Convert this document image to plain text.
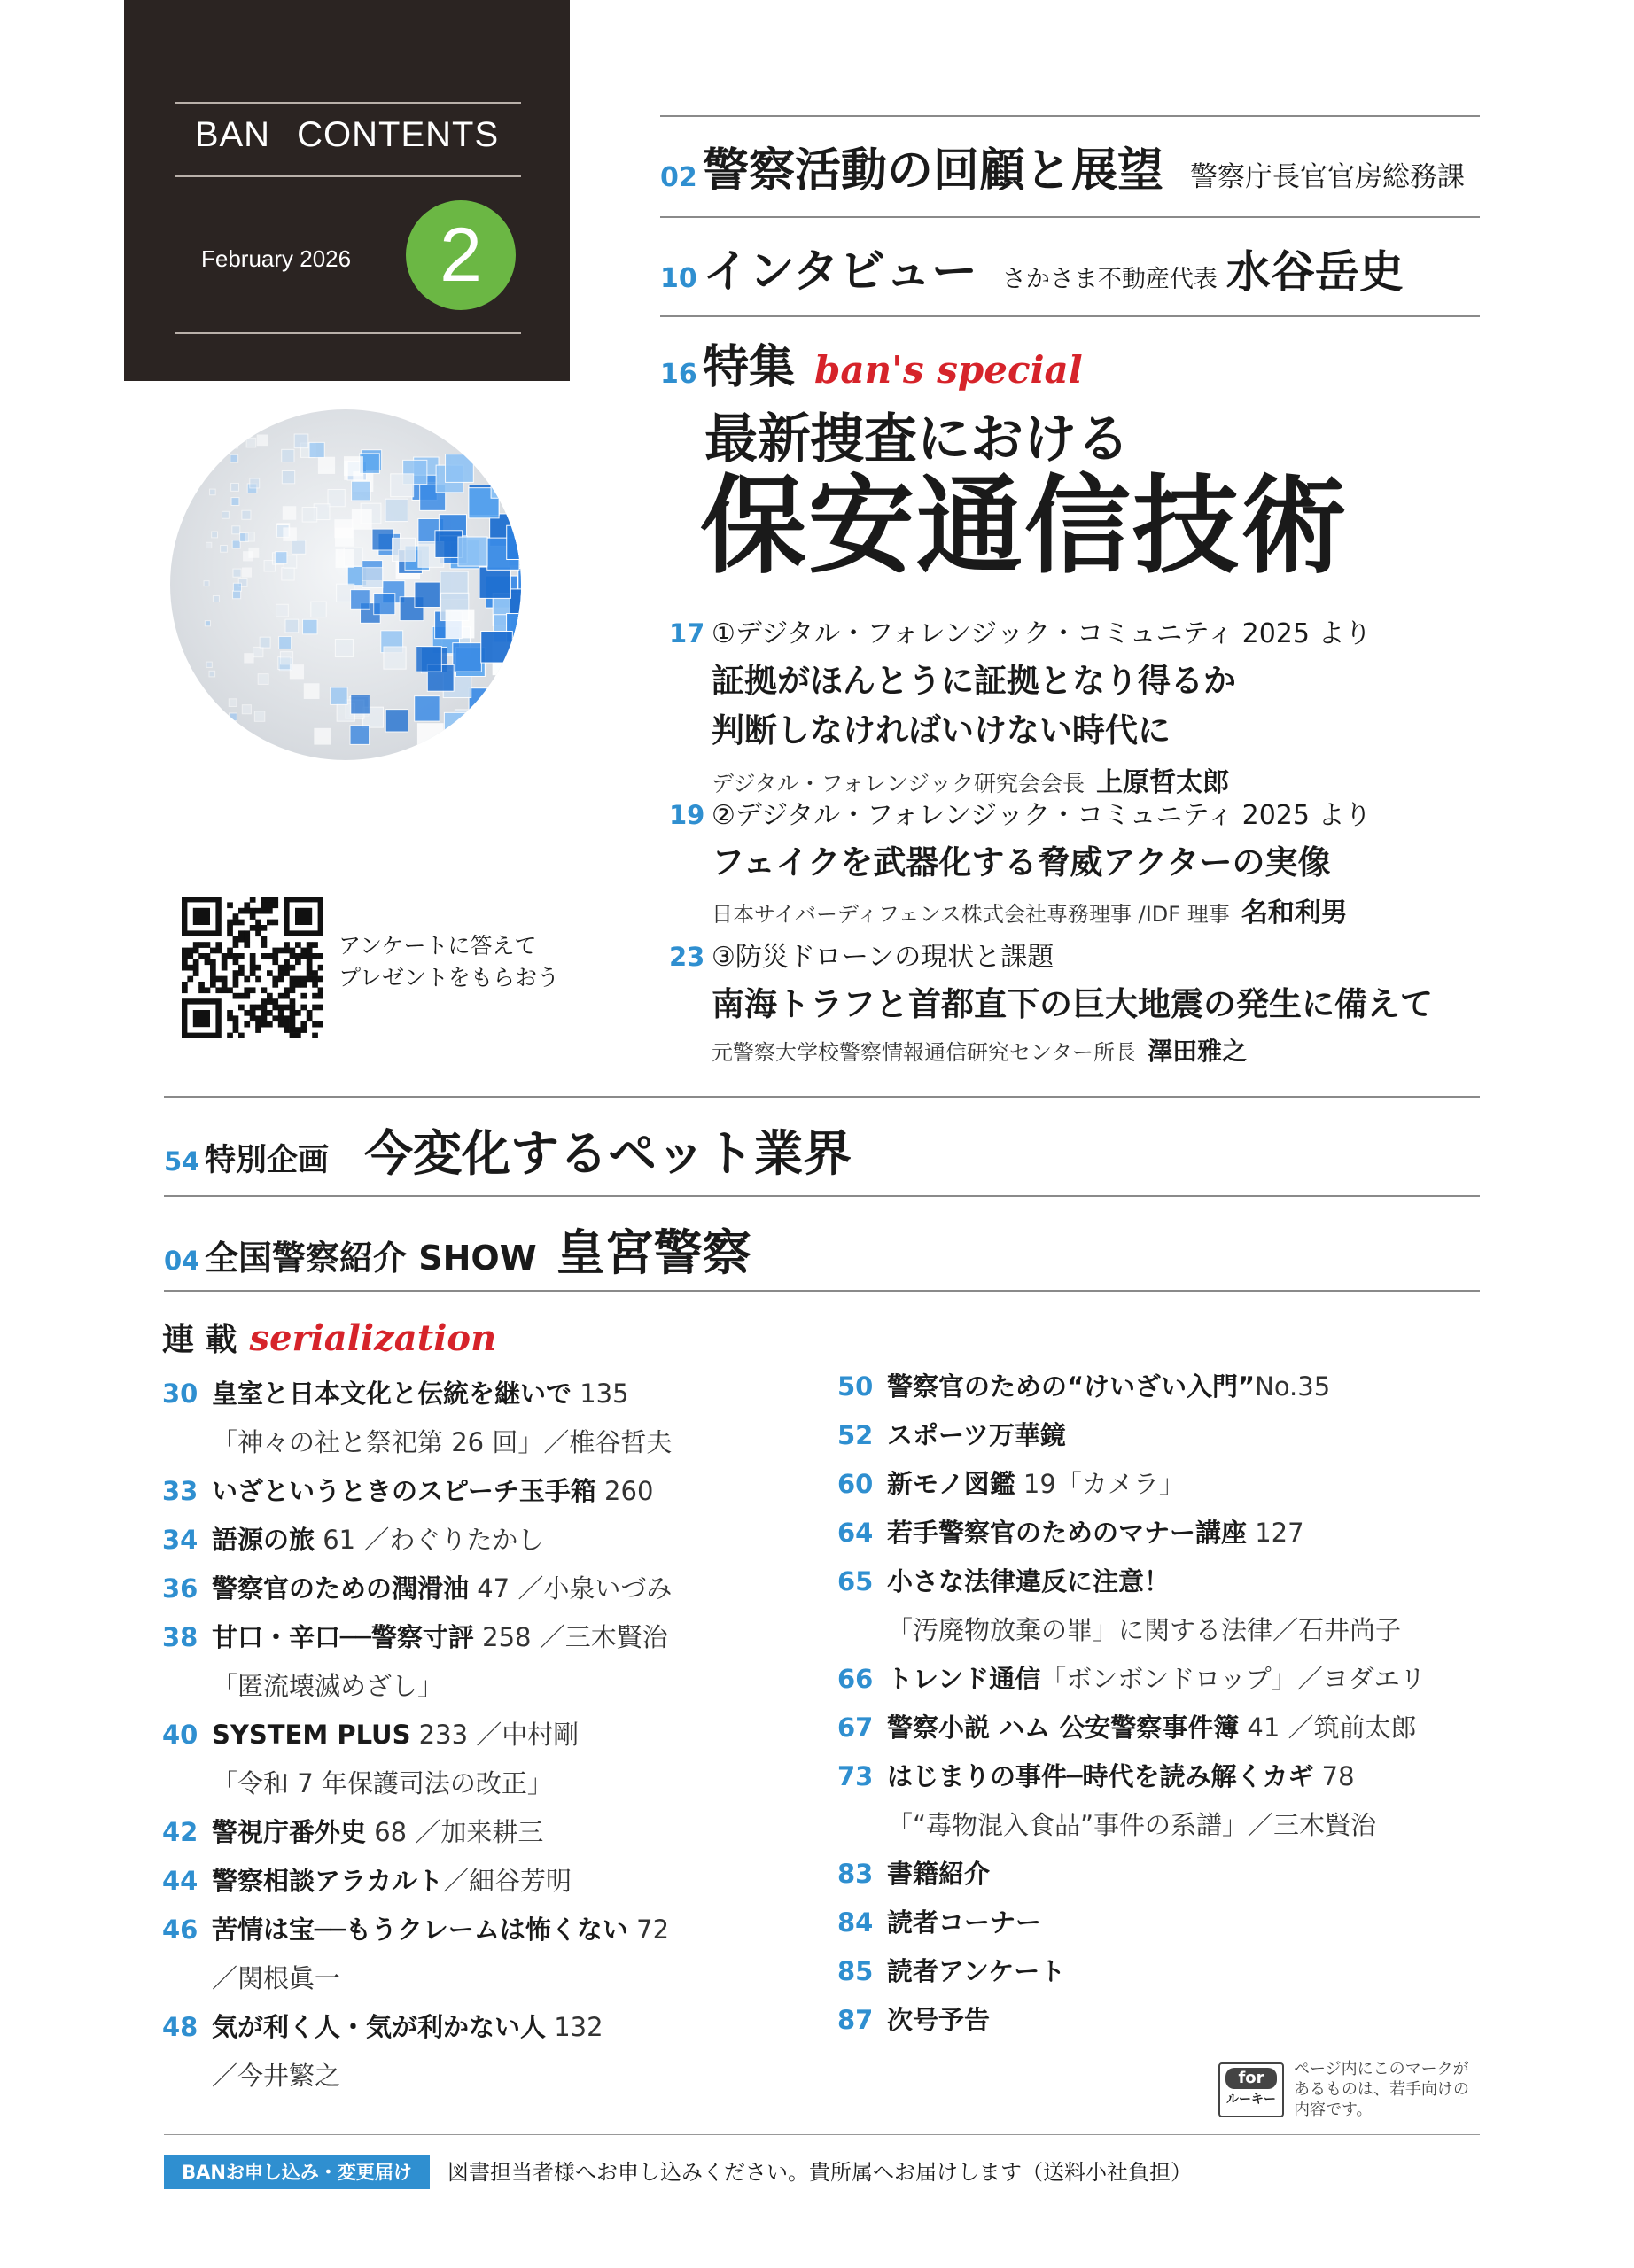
BAN CONTENTS
February 2026	2
02 警察活動の回顧と展望 警察庁長官官房総務課
10 インタビュー さかさま不動産代表 水谷岳史
16 特集 ban's special
最新捜査における
保安通信技術
17 ①デジタル・フォレンジック・コミュニティ 2025 より
証拠がほんとうに証拠となり得るか
判断しなければいけない時代に
デジタル・フォレンジック研究会会長 上原哲太郎
19 ②デジタル・フォレンジック・コミュニティ 2025 より
フェイクを武器化する脅威アクターの実像
日本サイバーディフェンス株式会社専務理事 /IDF 理事 名和利男
23 ③防災ドローンの現状と課題
南海トラフと首都直下の巨大地震の発生に備えて
元警察大学校警察情報通信研究センター所長 澤田雅之
アンケートに答えて
プレゼントをもらおう
54 特別企画 今変化するペット業界
04 全国警察紹介 SHOW 皇宮警察
連 載 serialization
30 皇室と日本文化と伝統を継いで 135
「神々の社と祭祀第 26 回」／椎谷哲夫
33 いざというときのスピーチ玉手箱 260
34 語源の旅 61 ／わぐりたかし
36 警察官のための潤滑油 47 ／小泉いづみ
38 甘口・辛口──警察寸評 258 ／三木賢治
「匿流壊滅めざし」
40 SYSTEM PLUS 233 ／中村剛
「令和 7 年保護司法の改正」
42 警視庁番外史 68 ／加来耕三
44 警察相談アラカルト／細谷芳明
46 苦情は宝──もうクレームは怖くない 72
／関根眞一
48 気が利く人・気が利かない人 132
／今井繁之
50 警察官のための“けいざい入門”No.35
52 スポーツ万華鏡
60 新モノ図鑑 19「カメラ」
64 若手警察官のためのマナー講座 127
65 小さな法律違反に注意！
「汚廃物放棄の罪」に関する法律／石井尚子
66 トレンド通信「ボンボンドロップ」／ヨダエリ
67 警察小説 ハム 公安警察事件簿 41 ／筑前太郎
73 はじまりの事件─時代を読み解くカギ 78
「“毒物混入食品”事件の系譜」／三木賢治
83 書籍紹介
84 読者コーナー
85 読者アンケート
87 次号予告
for
ルーキー
ページ内にこのマークが
あるものは、若手向けの
内容です。
BANお申し込み・変更届け	図書担当者様へお申し込みください。貴所属へお届けします（送料小社負担）
